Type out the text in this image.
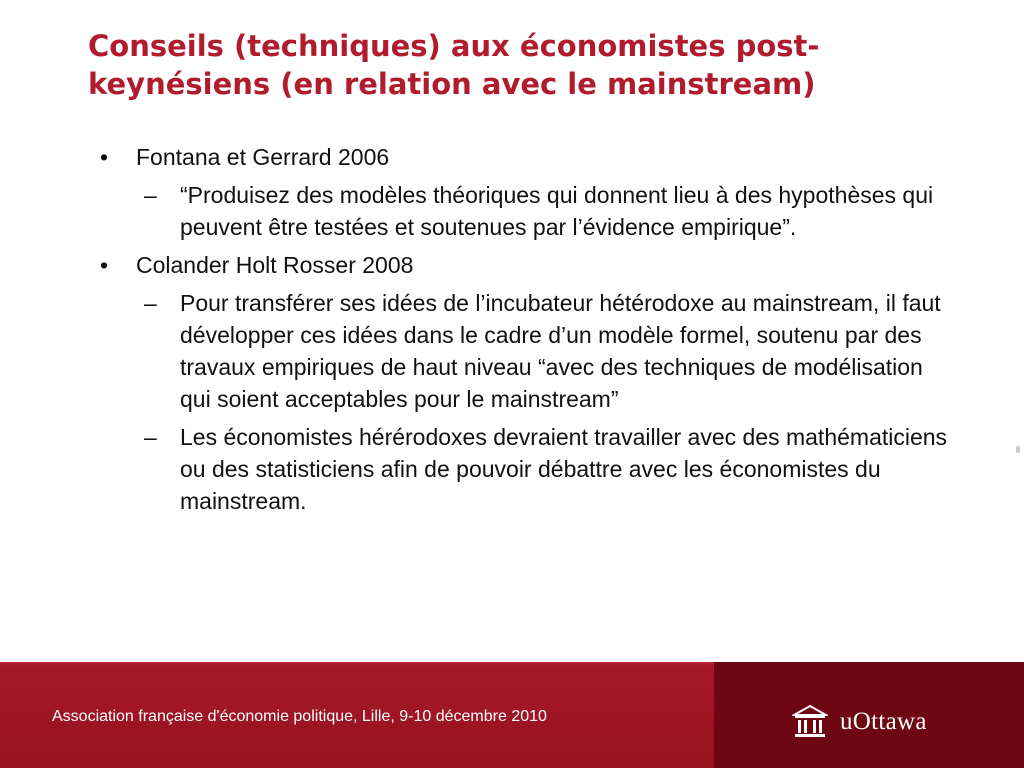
Conseils (techniques) aux économistes post-keynésiens (en relation avec le mainstream)
• Fontana et Gerrard 2006
– “Produisez des modèles théoriques qui donnent lieu à des hypothèses qui peuvent être testées et soutenues par l’évidence empirique”.
• Colander Holt Rosser 2008
– Pour transférer ses idées de l’incubateur hétérodoxe au mainstream, il faut développer ces idées dans le cadre d’un modèle formel, soutenu par des travaux empiriques de haut niveau “avec des techniques de modélisation qui soient acceptables pour le mainstream”
– Les économistes hérérodoxes devraient travailler avec des mathématiciens ou des statisticiens afin de pouvoir débattre avec les économistes du mainstream.
Association française d'économie politique, Lille, 9-10 décembre 2010	uOttawa
